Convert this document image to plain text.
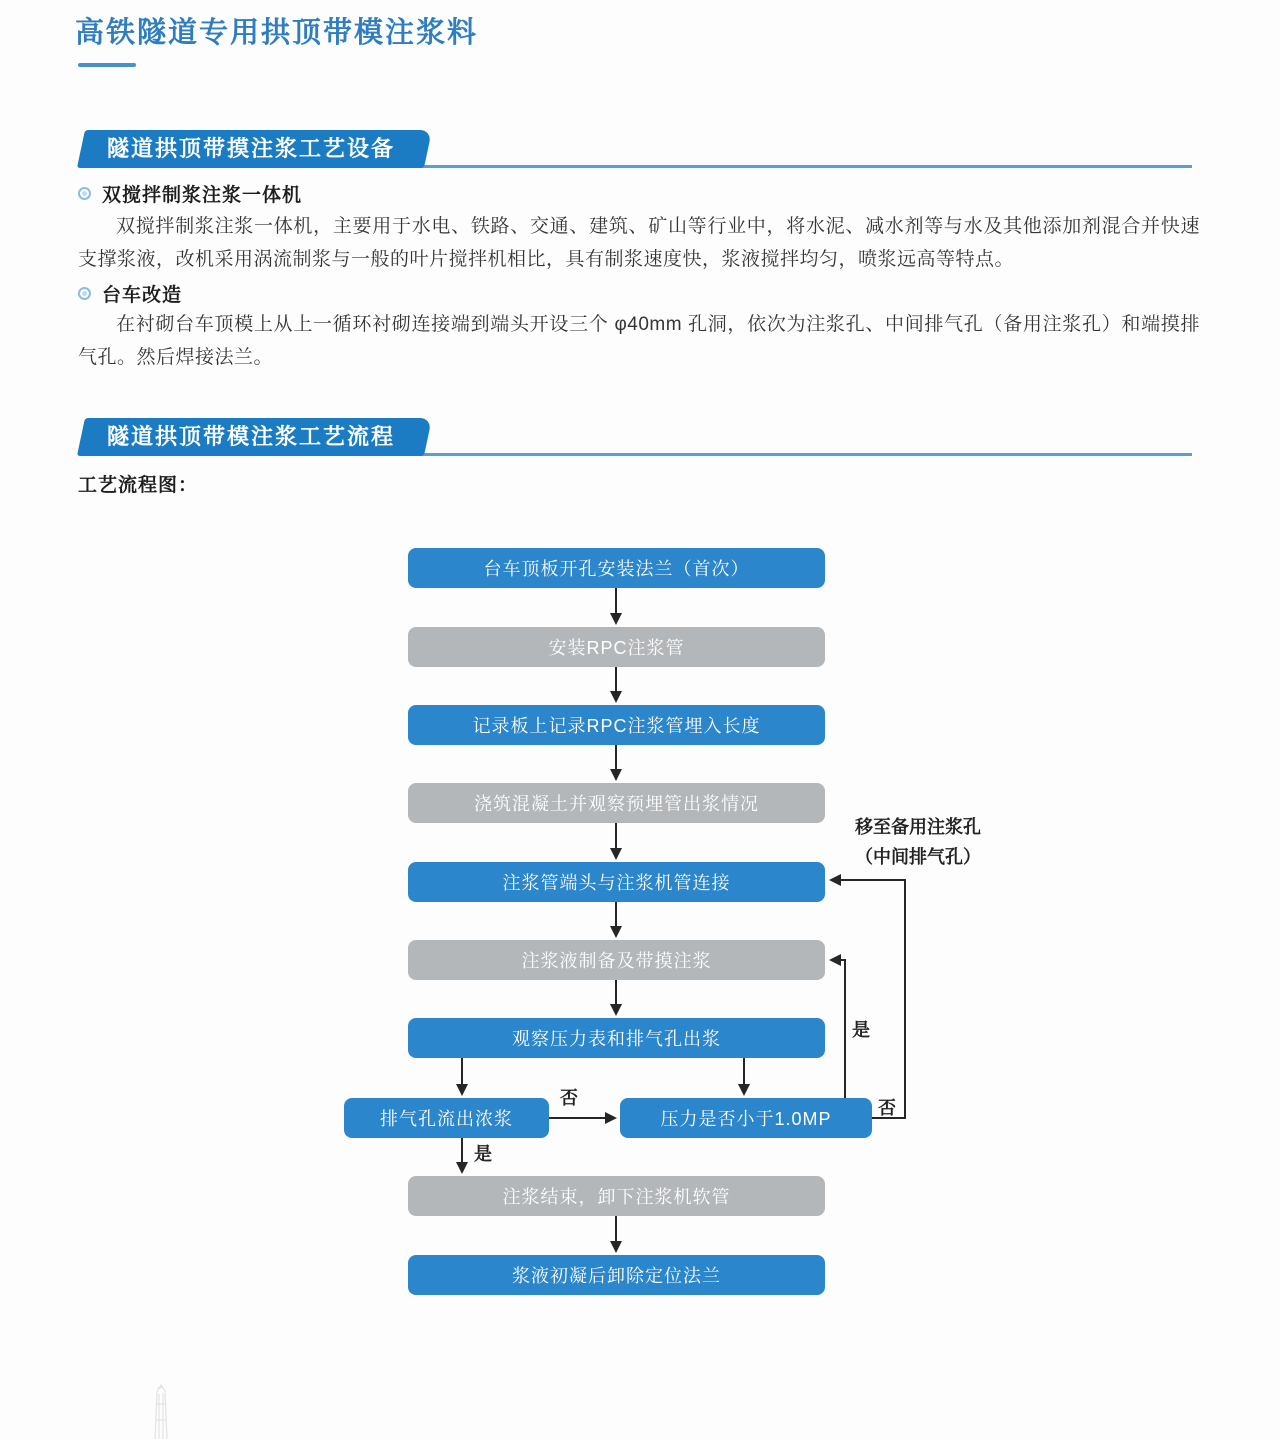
高铁隧道专用拱顶带模注浆料
隧道拱顶带摸注浆工艺设备
双搅拌制浆注浆一体机
双搅拌制浆注浆一体机，主要用于水电、铁路、交通、建筑、矿山等行业中，将水泥、减水剂等与水及其他添加剂混合并快速支撑浆液，改机采用涡流制浆与一般的叶片搅拌机相比，具有制浆速度快，浆液搅拌均匀，喷浆远高等特点。
台车改造
在衬砌台车顶模上从上一循环衬砌连接端到端头开设三个 φ40mm 孔洞，依次为注浆孔、中间排气孔（备用注浆孔）和端摸排气孔。然后焊接法兰。
隧道拱顶带模注浆工艺流程
工艺流程图：
台车顶板开孔安装法兰（首次）
安装RPC注浆管
记录板上记录RPC注浆管埋入长度
浇筑混凝土并观察预埋管出浆情况
注浆管端头与注浆机管连接
注浆液制备及带摸注浆
观察压力表和排气孔出浆
排气孔流出浓浆	压力是否小于1.0MP
注浆结束，卸下注浆机软管
浆液初凝后卸除定位法兰
否
是
是
否
移至备用注浆孔
（中间排气孔）
